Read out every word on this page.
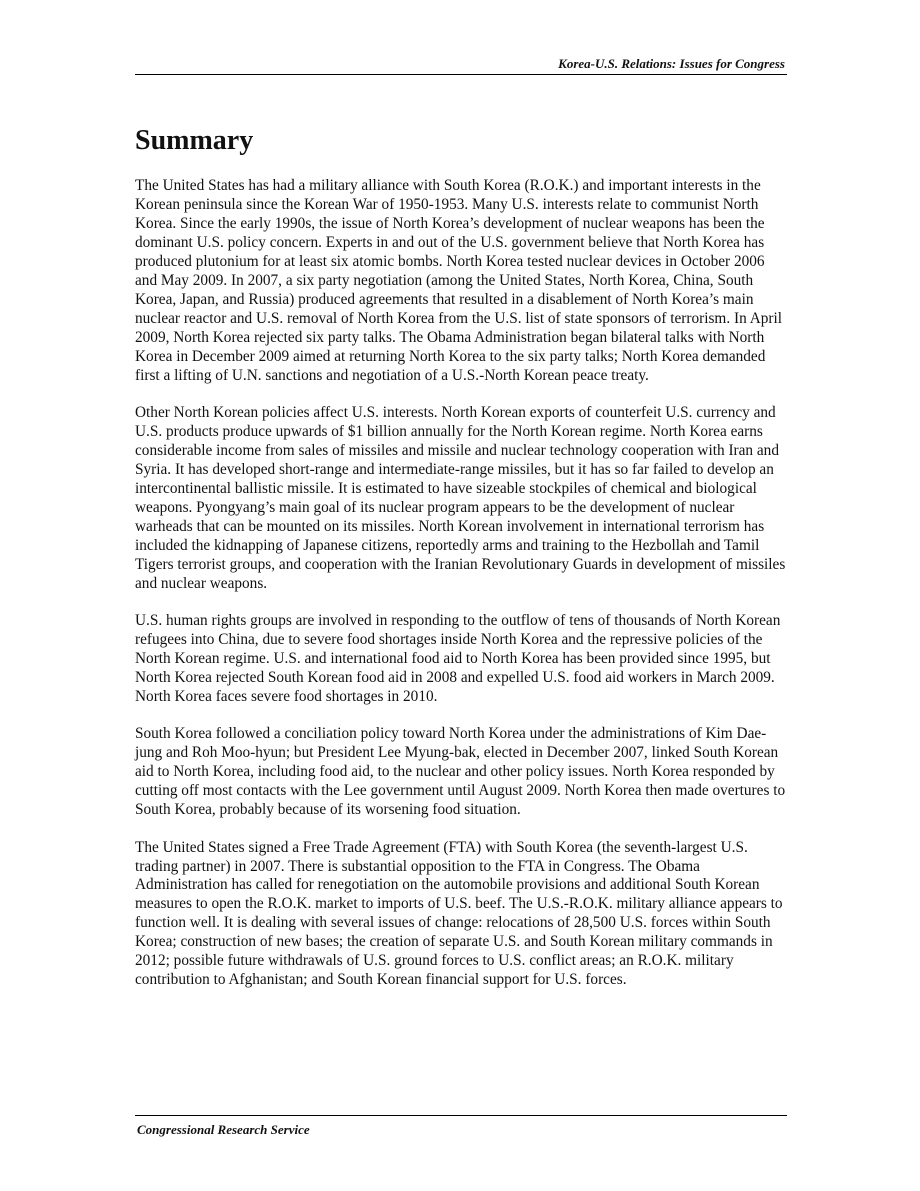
Korea-U.S. Relations: Issues for Congress
Summary

The United States has had a military alliance with South Korea (R.O.K.) and important interests in the Korean peninsula since the Korean War of 1950-1953. Many U.S. interests relate to communist North Korea. Since the early 1990s, the issue of North Korea’s development of nuclear weapons has been the dominant U.S. policy concern. Experts in and out of the U.S. government believe that North Korea has produced plutonium for at least six atomic bombs. North Korea tested nuclear devices in October 2006 and May 2009. In 2007, a six party negotiation (among the United States, North Korea, China, South Korea, Japan, and Russia) produced agreements that resulted in a disablement of North Korea’s main nuclear reactor and U.S. removal of North Korea from the U.S. list of state sponsors of terrorism. In April 2009, North Korea rejected six party talks. The Obama Administration began bilateral talks with North Korea in December 2009 aimed at returning North Korea to the six party talks; North Korea demanded first a lifting of U.N. sanctions and negotiation of a U.S.-North Korean peace treaty.

Other North Korean policies affect U.S. interests. North Korean exports of counterfeit U.S. currency and U.S. products produce upwards of $1 billion annually for the North Korean regime. North Korea earns considerable income from sales of missiles and missile and nuclear technology cooperation with Iran and Syria. It has developed short-range and intermediate-range missiles, but it has so far failed to develop an intercontinental ballistic missile. It is estimated to have sizeable stockpiles of chemical and biological weapons. Pyongyang’s main goal of its nuclear program appears to be the development of nuclear warheads that can be mounted on its missiles. North Korean involvement in international terrorism has included the kidnapping of Japanese citizens, reportedly arms and training to the Hezbollah and Tamil Tigers terrorist groups, and cooperation with the Iranian Revolutionary Guards in development of missiles and nuclear weapons.

U.S. human rights groups are involved in responding to the outflow of tens of thousands of North Korean refugees into China, due to severe food shortages inside North Korea and the repressive policies of the North Korean regime. U.S. and international food aid to North Korea has been provided since 1995, but North Korea rejected South Korean food aid in 2008 and expelled U.S. food aid workers in March 2009. North Korea faces severe food shortages in 2010.

South Korea followed a conciliation policy toward North Korea under the administrations of Kim Dae-jung and Roh Moo-hyun; but President Lee Myung-bak, elected in December 2007, linked South Korean aid to North Korea, including food aid, to the nuclear and other policy issues. North Korea responded by cutting off most contacts with the Lee government until August 2009. North Korea then made overtures to South Korea, probably because of its worsening food situation.

The United States signed a Free Trade Agreement (FTA) with South Korea (the seventh-largest U.S. trading partner) in 2007. There is substantial opposition to the FTA in Congress. The Obama Administration has called for renegotiation on the automobile provisions and additional South Korean measures to open the R.O.K. market to imports of U.S. beef. The U.S.-R.O.K. military alliance appears to function well. It is dealing with several issues of change: relocations of 28,500 U.S. forces within South Korea; construction of new bases; the creation of separate U.S. and South Korean military commands in 2012; possible future withdrawals of U.S. ground forces to U.S. conflict areas; an R.O.K. military contribution to Afghanistan; and South Korean financial support for U.S. forces.

Congressional Research Service
